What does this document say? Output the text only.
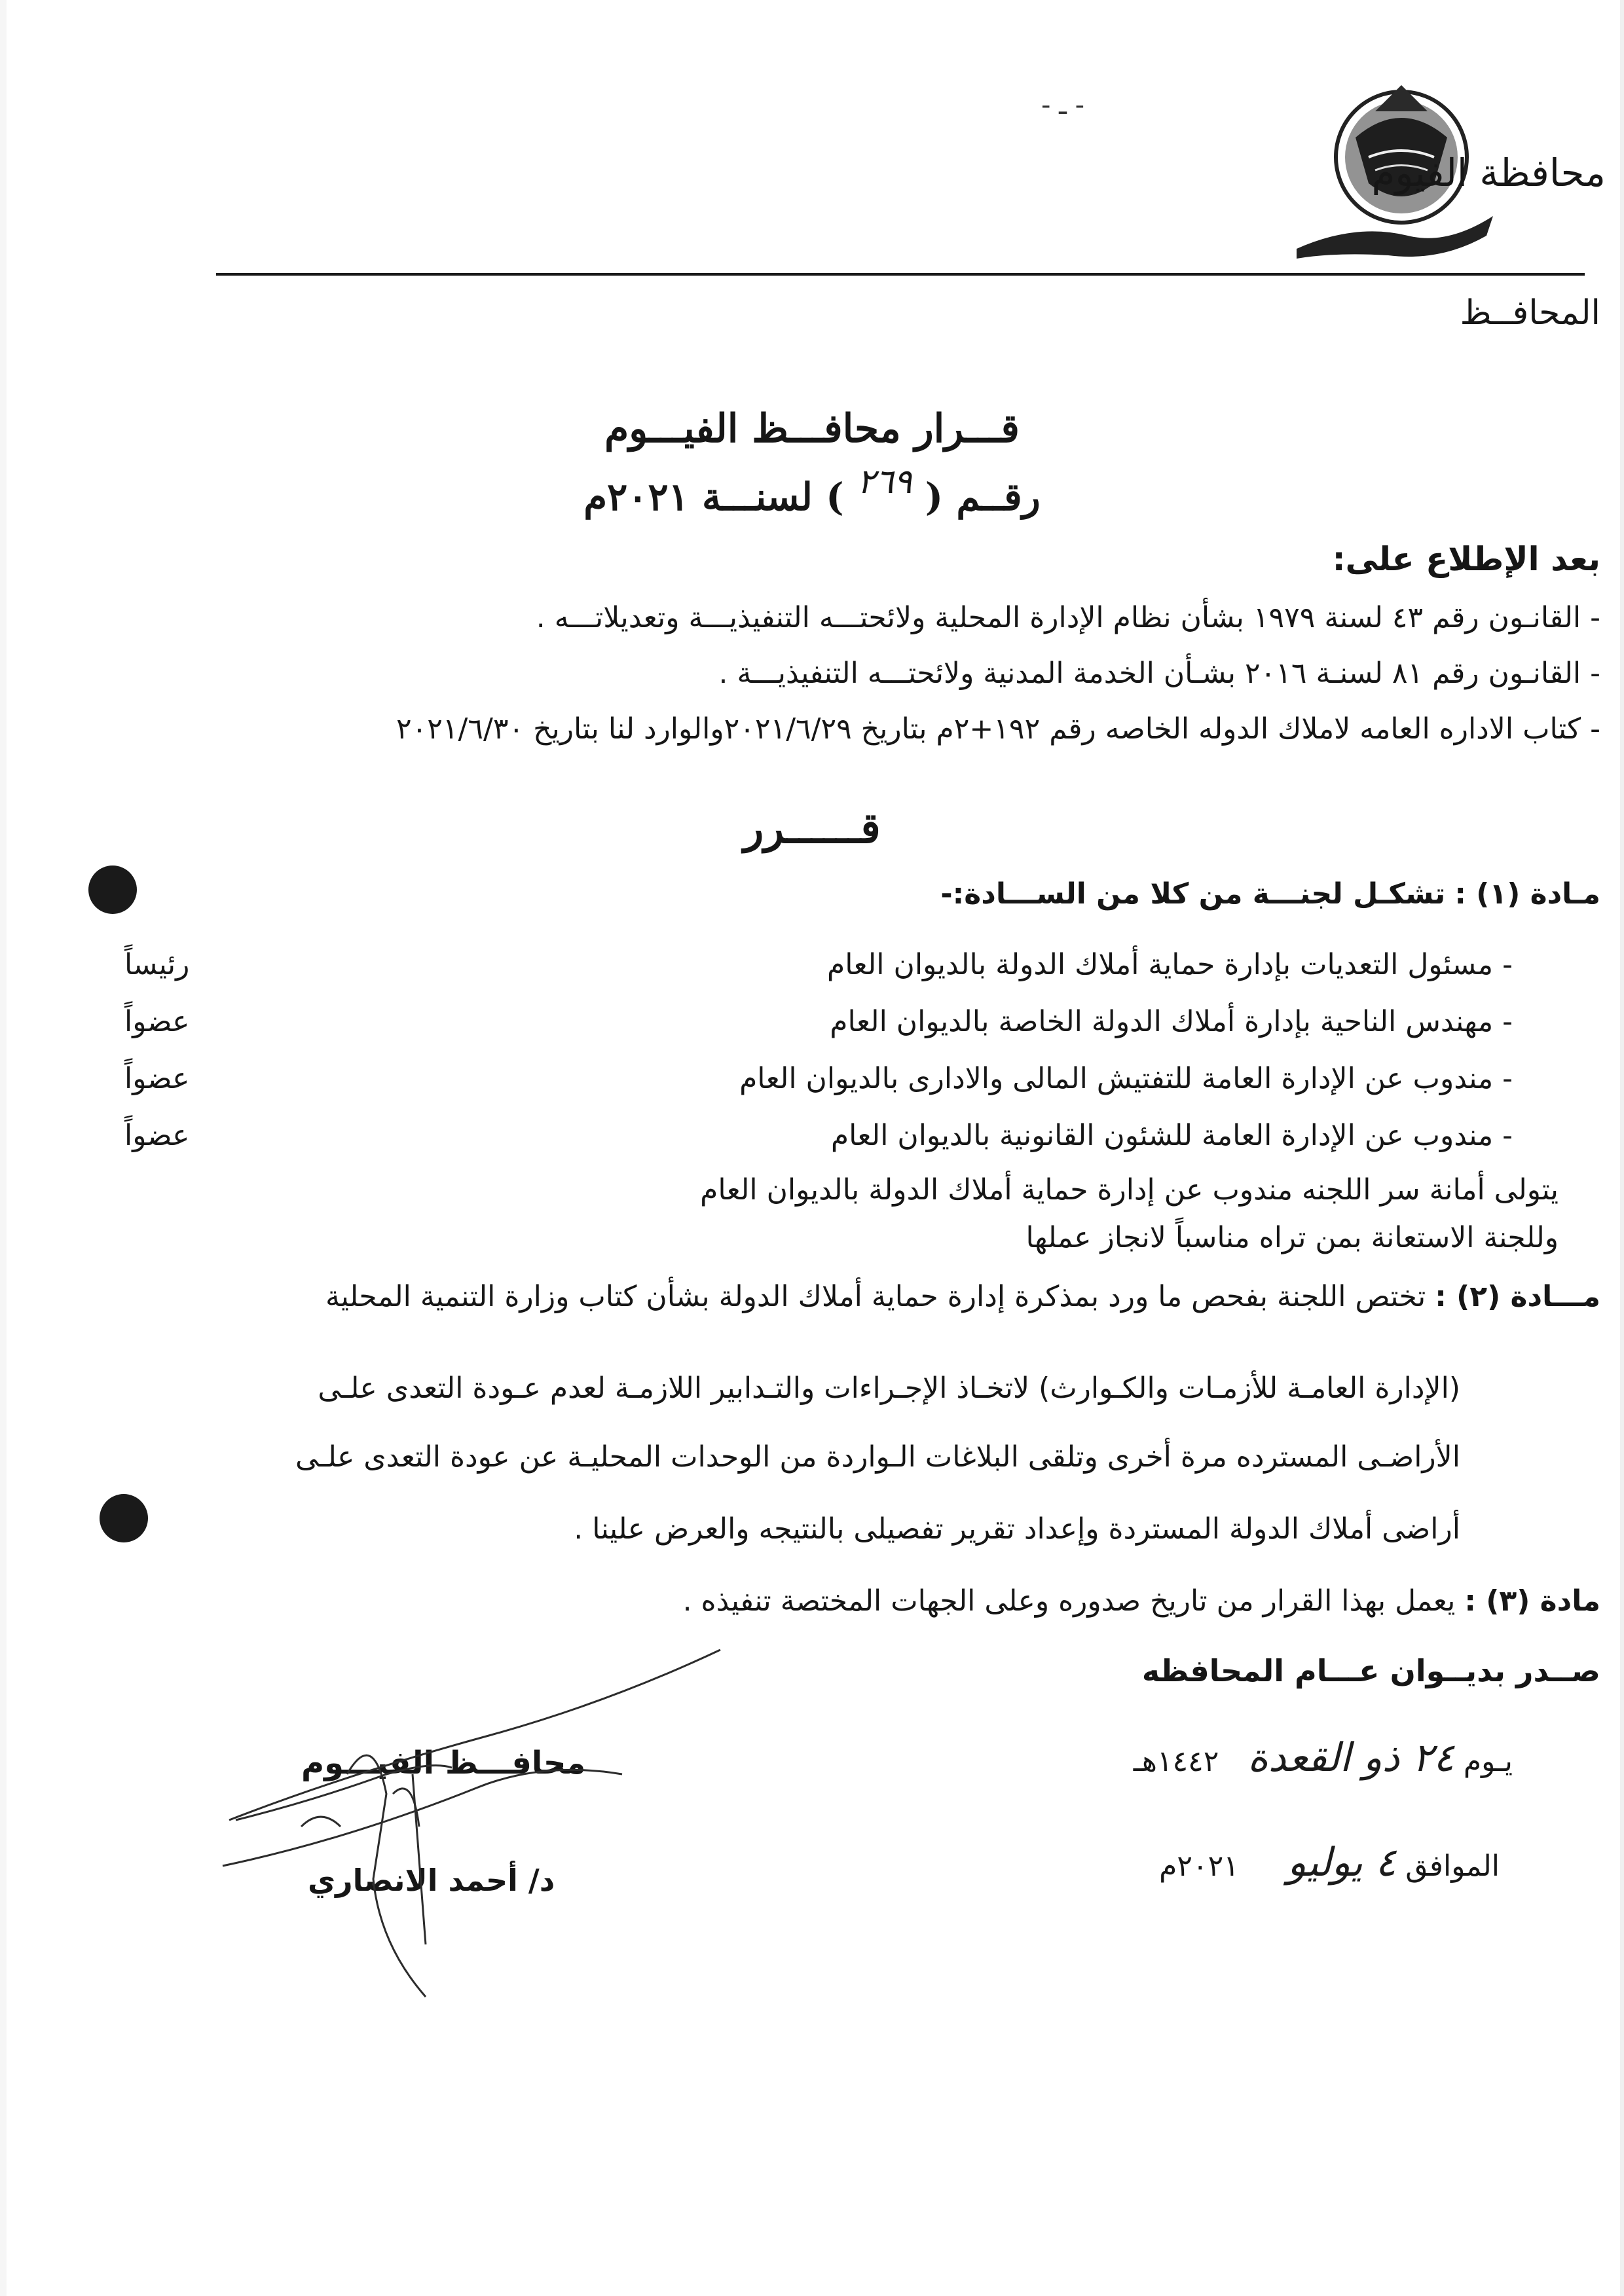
- ـ -
محافظة الفيوم
المحافــظ
قـــرار محافـــظ الفيـــوم
رقــم ( ٢٦٩ ) لسنـــة ٢٠٢١م
بعد الإطلاع على:
- القانـون رقم ٤٣ لسنة ١٩٧٩ بشأن نظام الإدارة المحلية ولائحتـــه التنفيذيـــة وتعديلاتـــه .
- القانـون رقم ٨١ لسنـة ٢٠١٦ بشـأن الخدمة المدنية ولائحتـــه التنفيذيـــة .
- كتاب الاداره العامه لاملاك الدوله الخاصه رقم ١٩٢+٢م بتاريخ ٢٠٢١/٦/٢٩والوارد لنا بتاريخ ٢٠٢١/٦/٣٠
قــــــرر
مـادة (١) : تشكـل لجنـــة من كلا من الســـادة:-
- مسئول التعديات بإدارة حماية أملاك الدولة بالديوان العام
رئيساً
- مهندس الناحية بإدارة أملاك الدولة الخاصة بالديوان العام
عضواً
- مندوب عن الإدارة العامة للتفتيش المالى والادارى بالديوان العام
عضواً
- مندوب عن الإدارة العامة للشئون القانونية بالديوان العام
عضواً
يتولى أمانة سر اللجنه مندوب عن إدارة حماية أملاك الدولة بالديوان العام
وللجنة الاستعانة بمن تراه مناسباً لانجاز عملها
مـــادة (٢) : تختص اللجنة بفحص ما ورد بمذكرة إدارة حماية أملاك الدولة بشأن كتاب وزارة التنمية المحلية
(الإدارة العامـة للأزمـات والكـوارث) لاتخـاذ الإجـراءات والتـدابير اللازمـة لعدم عـودة التعدى علـى
الأراضـى المسترده مرة أخرى وتلقى البلاغات الـواردة من الوحدات المحليـة عن عودة التعدى علـى
أراضى أملاك الدولة المستردة وإعداد تقرير تفصيلى بالنتيجه والعرض علينا .
مادة (٣) : يعمل بهذا القرار من تاريخ صدوره وعلى الجهات المختصة تنفيذه .
صــدر بديــوان عـــام المحافظه
يـوم ٢٤ ذو القعدة ١٤٤٢هـ
الموافق ٤ يوليو ٢٠٢١م
محافـــظ الفيـــوم
د/ أحمد الانصاري
